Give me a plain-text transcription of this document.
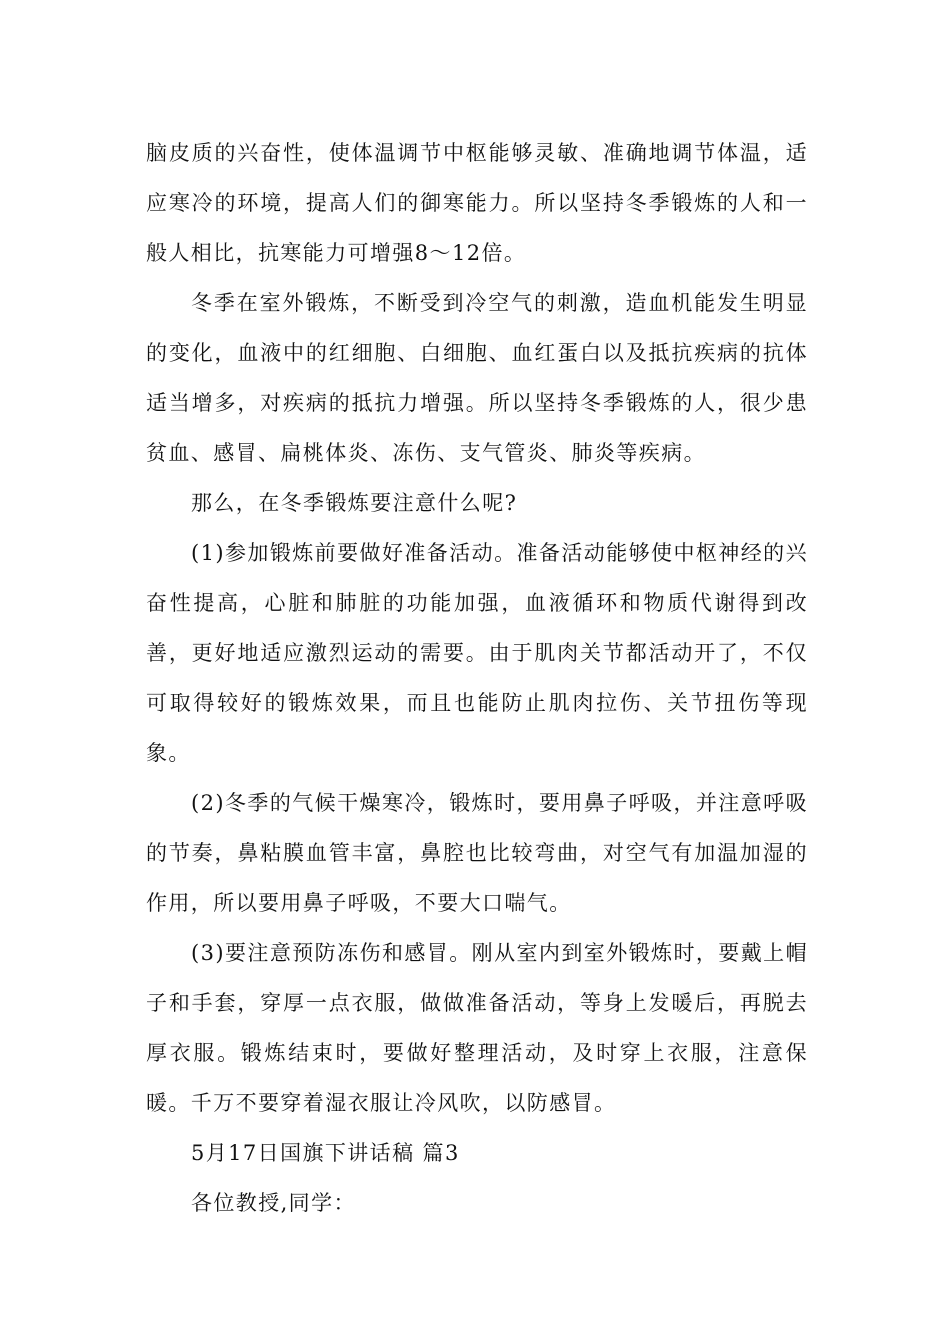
脑皮质的兴奋性，使体温调节中枢能够灵敏、准确地调节体温，适应寒冷的环境，提高人们的御寒能力。所以坚持冬季锻炼的人和一般人相比，抗寒能力可增强8～12倍。

冬季在室外锻炼，不断受到冷空气的刺激，造血机能发生明显的变化，血液中的红细胞、白细胞、血红蛋白以及抵抗疾病的抗体适当增多，对疾病的抵抗力增强。所以坚持冬季锻炼的人，很少患贫血、感冒、扁桃体炎、冻伤、支气管炎、肺炎等疾病。

那么，在冬季锻炼要注意什么呢?

(1)参加锻炼前要做好准备活动。准备活动能够使中枢神经的兴奋性提高，心脏和肺脏的功能加强，血液循环和物质代谢得到改善，更好地适应激烈运动的需要。由于肌肉关节都活动开了，不仅可取得较好的锻炼效果，而且也能防止肌肉拉伤、关节扭伤等现象。

(2)冬季的气候干燥寒冷，锻炼时，要用鼻子呼吸，并注意呼吸的节奏，鼻粘膜血管丰富，鼻腔也比较弯曲，对空气有加温加湿的作用，所以要用鼻子呼吸，不要大口喘气。

(3)要注意预防冻伤和感冒。刚从室内到室外锻炼时，要戴上帽子和手套，穿厚一点衣服，做做准备活动，等身上发暖后，再脱去厚衣服。锻炼结束时，要做好整理活动，及时穿上衣服，注意保暖。千万不要穿着湿衣服让冷风吹，以防感冒。

5月17日国旗下讲话稿 篇3

各位教授,同学：
